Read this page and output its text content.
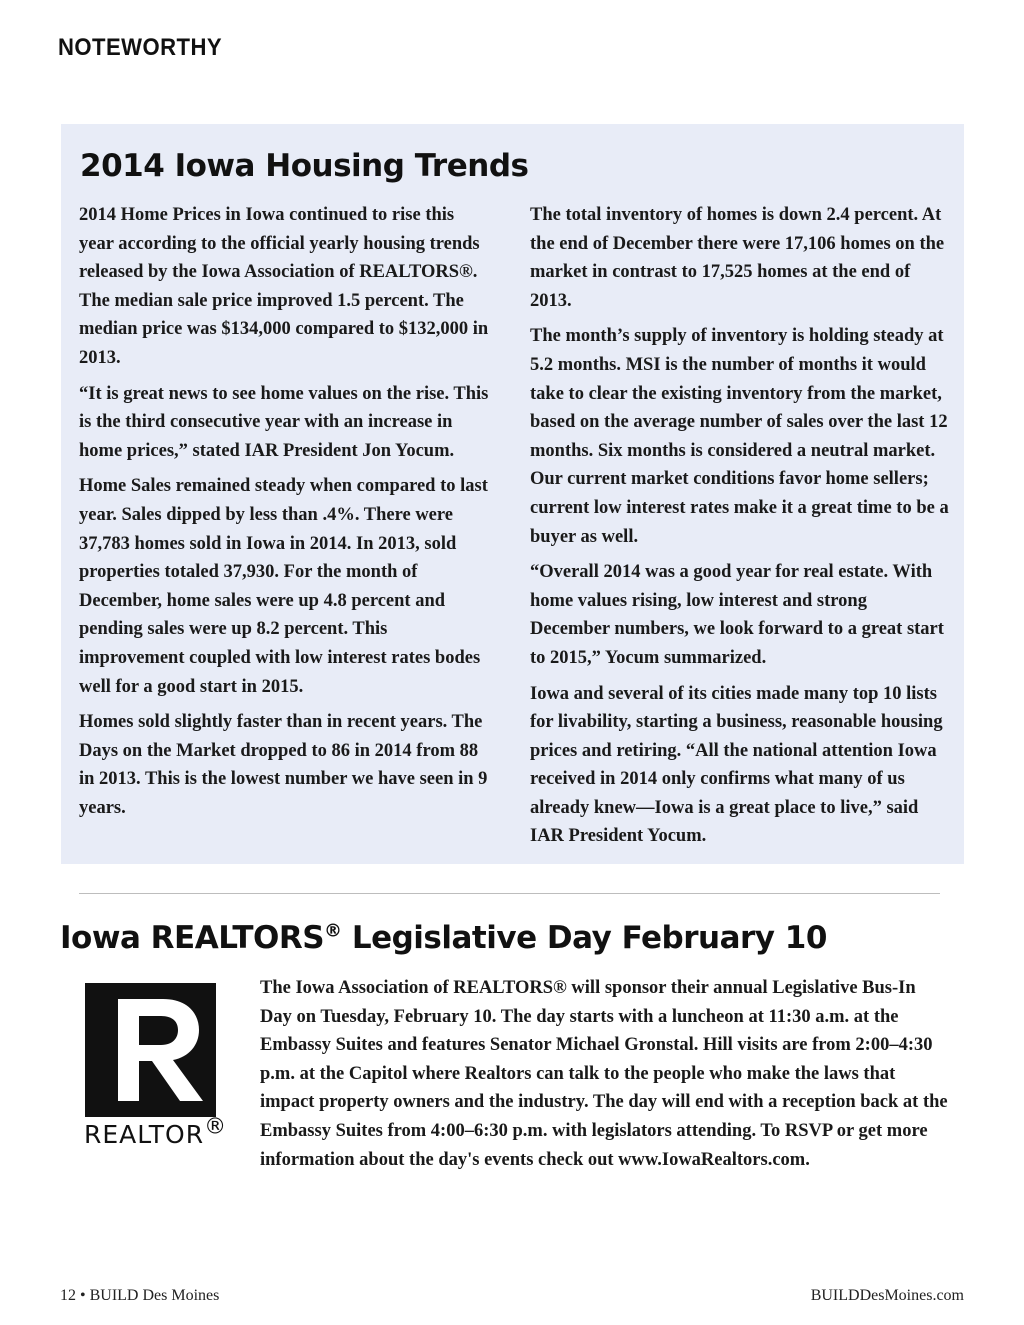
NOTEWORTHY
2014 Iowa Housing Trends

2014 Home Prices in Iowa continued to rise this year according to the official yearly housing trends released by the Iowa Association of REALTORS®. The median sale price improved 1.5 percent. The median price was $134,000 compared to $132,000 in 2013.

“It is great news to see home values on the rise. This is the third consecutive year with an increase in home prices,” stated IAR President Jon Yocum.

Home Sales remained steady when compared to last year. Sales dipped by less than .4%. There were 37,783 homes sold in Iowa in 2014. In 2013, sold properties totaled 37,930. For the month of December, home sales were up 4.8 percent and pending sales were up 8.2 percent. This improvement coupled with low interest rates bodes well for a good start in 2015.

Homes sold slightly faster than in recent years. The Days on the Market dropped to 86 in 2014 from 88 in 2013. This is the lowest number we have seen in 9 years.

The total inventory of homes is down 2.4 percent. At the end of December there were 17,106 homes on the market in contrast to 17,525 homes at the end of 2013.

The month’s supply of inventory is holding steady at 5.2 months. MSI is the number of months it would take to clear the existing inventory from the market, based on the average number of sales over the last 12 months. Six months is considered a neutral market. Our current market conditions favor home sellers; current low interest rates make it a great time to be a buyer as well.

“Overall 2014 was a good year for real estate. With home values rising, low interest and strong December numbers, we look forward to a great start to 2015,” Yocum summarized.

Iowa and several of its cities made many top 10 lists for livability, starting a business, reasonable housing prices and retiring. “All the national attention Iowa received in 2014 only confirms what many of us already knew—Iowa is a great place to live,” said IAR President Yocum.

Iowa REALTORS® Legislative Day February 10
REALTOR®

The Iowa Association of REALTORS® will sponsor their annual Legislative Bus-In Day on Tuesday, February 10. The day starts with a luncheon at 11:30 a.m. at the Embassy Suites and features Senator Michael Gronstal. Hill visits are from 2:00–4:30 p.m. at the Capitol where Realtors can talk to the people who make the laws that impact property owners and the industry. The day will end with a reception back at the Embassy Suites from 4:00–6:30 p.m. with legislators attending. To RSVP or get more information about the day's events check out www.IowaRealtors.com.

12 • BUILD Des Moines	BUILDDesMoines.com
